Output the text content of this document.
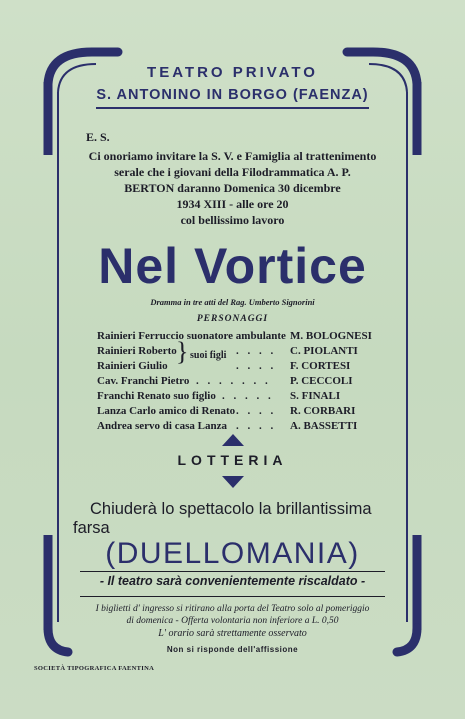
TEATRO PRIVATO
S. ANTONINO IN BORGO (FAENZA)
E. S.
Ci onoriamo invitare la S. V. e Famiglia al trattenimento
serale che i giovani della Filodrammatica A. P.
BERTON daranno Domenica 30 dicembre
1934 XIII - alle ore 20
col bellissimo lavoro
Nel Vortice
Dramma in tre atti del Rag. Umberto Signorini
PERSONAGGI
Rainieri Ferruccio suonatore ambulante M. BOLOGNESI
Rainieri Roberto	. . . . C. PIOLANTI
} suoi figli
Rainieri Giulio	. . . . F. CORTESI
Cav. Franchi Pietro . . . . . . . P. CECCOLI
Franchi Renato suo figlio . . . . . S. FINALI
Lanza Carlo amico di Renato . . . . R. CORBARI
Andrea servo di casa Lanza . . . . A. BASSETTI
LOTTERIA
Chiuderà lo spettacolo la brillantissima
farsa
(DUELLOMANIA)
- Il teatro sarà convenientemente riscaldato -
I biglietti d' ingresso si ritirano alla porta del Teatro solo al pomeriggio
di domenica - Offerta volontaria non inferiore a L. 0,50
L' orario sarà strettamente osservato
Non si risponde dell'affissione
SOCIETÀ TIPOGRAFICA FAENTINA
